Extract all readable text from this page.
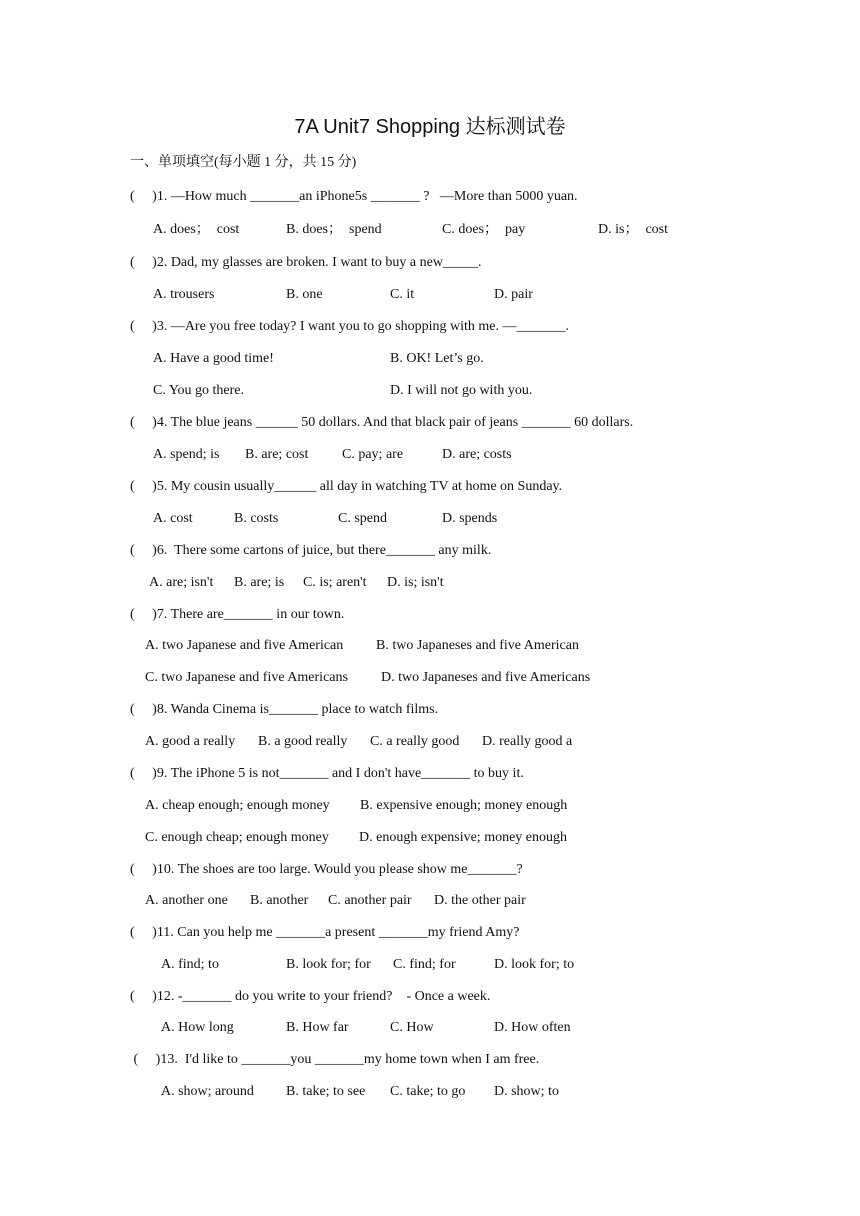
7A Unit7 Shopping 达标测试卷
一、单项填空(每小题 1 分，共 15 分)
(     )1. —How much _______an iPhone5s _______ ?   —More than 5000 yuan.
A. does；  cost	B. does；  spend	C. does；  pay	D. is；  cost
(     )2. Dad, my glasses are broken. I want to buy a new_____.
A. trousers	B. one	C. it	D. pair
(     )3. —Are you free today? I want you to go shopping with me. —_______.
A. Have a good time!	B. OK! Let’s go.
C. You go there.	D. I will not go with you.
(     )4. The blue jeans ______ 50 dollars. And that black pair of jeans _______ 60 dollars.
A. spend; is B. are; cost C. pay; are	D. are; costs
(     )5. My cousin usually______ all day in watching TV at home on Sunday.
A. cost	B. costs	C. spend	D. spends
(     )6.  There some cartons of juice, but there_______ any milk.
A. are; isn't B. are; is C. is; aren't D. is; isn't
(     )7. There are_______ in our town.
A. two Japanese and five American B. two Japaneses and five American
C. two Japanese and five Americans D. two Japaneses and five Americans
(     )8. Wanda Cinema is_______ place to watch films.
A. good a really B. a good really C. a really good D. really good a
(     )9. The iPhone 5 is not_______ and I don't have_______ to buy it.
A. cheap enough; enough money B. expensive enough; money enough
C. enough cheap; enough money D. enough expensive; money enough
(     )10. The shoes are too large. Would you please show me_______?
A. another one B. another C. another pair D. the other pair
(     )11. Can you help me _______a present _______my friend Amy?
A. find; to	B. look for; for C. find; for	D. look for; to
(     )12. -_______ do you write to your friend?    - Once a week.
A. How long	B. How far	C. How	D. How often
(     )13.  I'd like to _______you _______my home town when I am free.
A. show; around B. take; to see C. take; to go D. show; to
